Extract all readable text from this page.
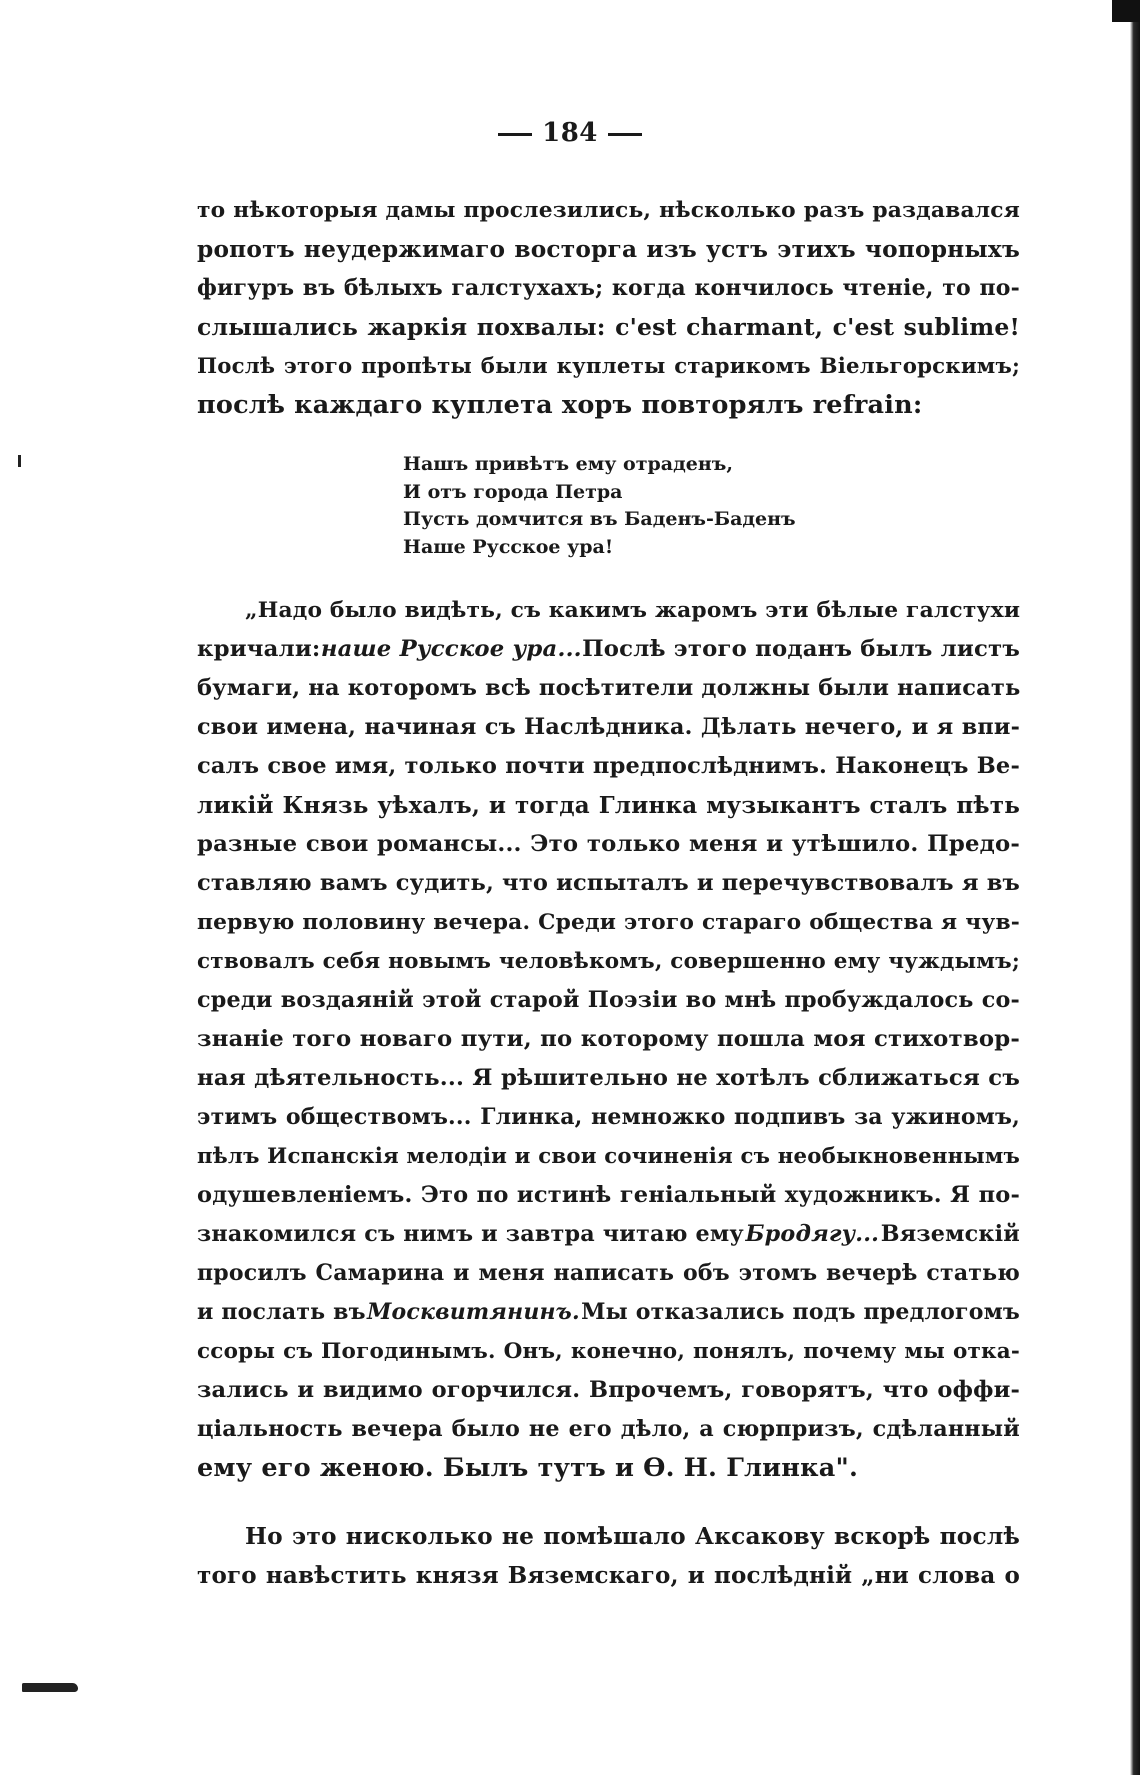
184
то нѣкоторыя дамы прослезились, нѣсколько разъ раздавался
ропотъ неудержимаго восторга изъ устъ этихъ чопорныхъ
фигуръ въ бѣлыхъ галстухахъ; когда кончилось чтеніе, то по-
слышались жаркія похвалы: c'est charmant, c'est sublime!
Послѣ этого пропѣты были куплеты старикомъ Віельгорскимъ;
послѣ каждаго куплета хоръ повторялъ refrain:
Нашъ привѣтъ ему отраденъ,
И отъ города Петра
Пусть домчится въ Баденъ-Баденъ
Наше Русское ура!
„Надо было видѣть, съ какимъ жаромъ эти бѣлые галстухи
кричали: наше Русское ура... Послѣ этого поданъ былъ листъ
бумаги, на которомъ всѣ посѣтители должны были написать
свои имена, начиная съ Наслѣдника. Дѣлать нечего, и я впи-
салъ свое имя, только почти предпослѣднимъ. Наконецъ Ве-
ликій Князь уѣхалъ, и тогда Глинка музыкантъ сталъ пѣть
разные свои романсы... Это только меня и утѣшило. Предо-
ставляю вамъ судить, что испыталъ и перечувствовалъ я въ
первую половину вечера. Среди этого стараго общества я чув-
ствовалъ себя новымъ человѣкомъ, совершенно ему чуждымъ;
среди воздаяній этой старой Поэзіи во мнѣ пробуждалось со-
знаніе того новаго пути, по которому пошла моя стихотвор-
ная дѣятельность... Я рѣшительно не хотѣлъ сближаться съ
этимъ обществомъ... Глинка, немножко подпивъ за ужиномъ,
пѣлъ Испанскія мелодіи и свои сочиненія съ необыкновеннымъ
одушевленіемъ. Это по истинѣ геніальный художникъ. Я по-
знакомился съ нимъ и завтра читаю ему Бродягу... Вяземскій
просилъ Самарина и меня написать объ этомъ вечерѣ статью
и послать въ Москвитянинъ. Мы отказались подъ предлогомъ
ссоры съ Погодинымъ. Онъ, конечно, понялъ, почему мы отка-
зались и видимо огорчился. Впрочемъ, говорятъ, что оффи-
ціальность вечера было не его дѣло, а сюрпризъ, сдѣланный
ему его женою. Былъ тутъ и Ѳ. Н. Глинка".
Но это нисколько не помѣшало Аксакову вскорѣ послѣ
того навѣстить князя Вяземскаго, и послѣдній „ни слова о
